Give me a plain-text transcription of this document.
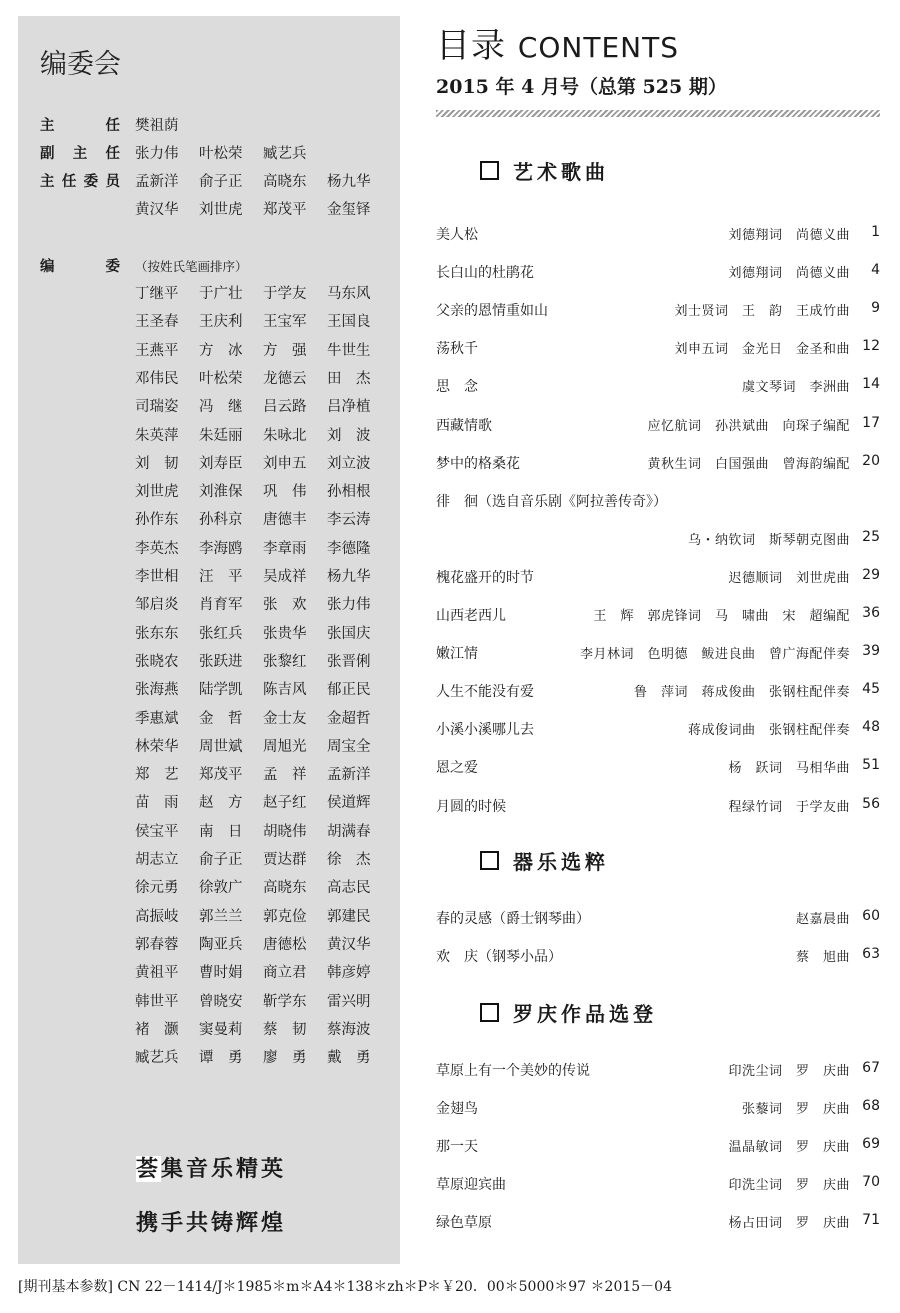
编委会
主	任 樊祖荫
副 主 任 张力伟	叶松荣	臧艺兵
主 任 委 员 孟新洋	俞子正	高晓东	杨九华
黄汉华	刘世虎	郑茂平	金玺铎
编	委 （按姓氏笔画排序）
丁继平	于广壮	于学友	马东风
王圣春	王庆利	王宝军	王国良
王燕平	方　冰	方　强	牛世生
邓伟民	叶松荣	龙德云	田　杰
司瑞姿	冯　继	吕云路	吕净植
朱英萍	朱廷丽	朱咏北	刘　波
刘　韧	刘寿臣	刘申五	刘立波
刘世虎	刘淮保	巩　伟	孙相根
孙作东	孙科京	唐德丰	李云涛
李英杰	李海鸥	李章雨	李德隆
李世相	汪　平	吴成祥	杨九华
邹启炎	肖育军	张　欢	张力伟
张东东	张红兵	张贵华	张国庆
张晓农	张跃进	张黎红	张晋俐
张海燕	陆学凯	陈吉风	郁正民
季惠斌	金　哲	金士友	金超哲
林荣华	周世斌	周旭光	周宝全
郑　艺	郑茂平	孟　祥	孟新洋
苗　雨	赵　方	赵子红	侯道辉
侯宝平	南　日	胡晓伟	胡满春
胡志立	俞子正	贾达群	徐　杰
徐元勇	徐敦广	高晓东	高志民
高振岐	郭兰兰	郭克俭	郭建民
郭春蓉	陶亚兵	唐德松	黄汉华
黄祖平	曹时娟	商立君	韩彦婷
韩世平	曾晓安	靳学东	雷兴明
褚　灏	窦曼莉	蔡　韧	蔡海波
臧艺兵	谭　勇	廖　勇	戴　勇
荟集音乐精英
携手共铸辉煌
目录 CONTENTS
2015 年 4 月号（总第 525 期）
艺术歌曲
美人松	刘德翔词　尚德义曲 1
长白山的杜鹃花	刘德翔词　尚德义曲 4
父亲的恩情重如山	刘士贤词　王　韵　王成竹曲 9
荡秋千	刘申五词　金光日　金圣和曲 12
思　念	虞文琴词　李洲曲 14
西藏情歌	应忆航词　孙洪斌曲　向琛子编配 17
梦中的格桑花	黄秋生词　白国强曲　曾海韵编配 20
徘　徊（选自音乐剧《阿拉善传奇》）
乌・纳钦词　斯琴朝克图曲 25
槐花盛开的时节	迟德顺词　刘世虎曲 29
山西老西儿	王　辉　郭虎锋词　马　啸曲　宋　超编配 36
嫩江情	李月林词　色明德　鲅进良曲　曾广海配伴奏 39
人生不能没有爱	鲁　萍词　蒋成俊曲　张钢柱配伴奏 45
小溪小溪哪儿去	蒋成俊词曲　张钢柱配伴奏 48
恩之爱	杨　跃词　马相华曲 51
月圆的时候	程绿竹词　于学友曲 56
器乐选粹
春的灵感（爵士钢琴曲）	赵嘉晨曲 60
欢　庆（钢琴小品）	蔡　旭曲 63
罗庆作品选登
草原上有一个美妙的传说	印洗尘词　罗　庆曲 67
金翅鸟	张藜词　罗　庆曲 68
那一天	温晶敏词　罗　庆曲 69
草原迎宾曲	印洗尘词　罗　庆曲 70
绿色草原	杨占田词　罗　庆曲 71
[期刊基本参数] CN 22－1414/J＊1985＊m＊A4＊138＊zh＊P＊￥20．00＊5000＊97 ＊2015－04
